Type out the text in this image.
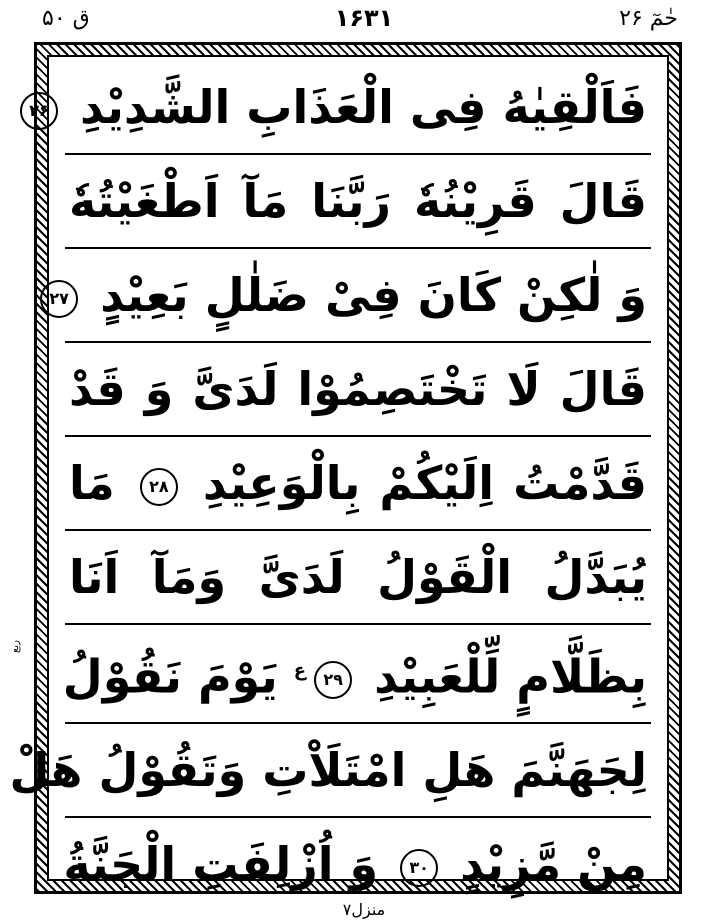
ق ۵۰	۱۶۳۱	حٰمٓ ۲۶
فَاَلْقِيٰهُ فِى الْعَذَابِ الشَّدِيْدِ ۲۶
قَالَ قَرِيْنُهٗ رَبَّنَا مَآ اَطْغَيْتُهٗ
وَ لٰكِنْ كَانَ فِىْ ضَلٰلٍ بَعِيْدٍ ۲۷
قَالَ لَا تَخْتَصِمُوْا لَدَىَّ وَ قَدْ
قَدَّمْتُ اِلَيْكُمْ بِالْوَعِيْدِ ۲۸ مَا
يُبَدَّلُ الْقَوْلُ لَدَىَّ وَمَآ اَنَا
بِظَلَّامٍ لِّلْعَبِيْدِ $۲۹^ع$ يَوْمَ نَقُوْلُ
لِجَهَنَّمَ هَلِ امْتَلَاْتِ وَتَقُوْلُ هَلْ
مِنْ مَّزِيْدٍ ۳۰ وَ اُزْلِفَتِ الْجَنَّةُ
ربع
منزل۷
